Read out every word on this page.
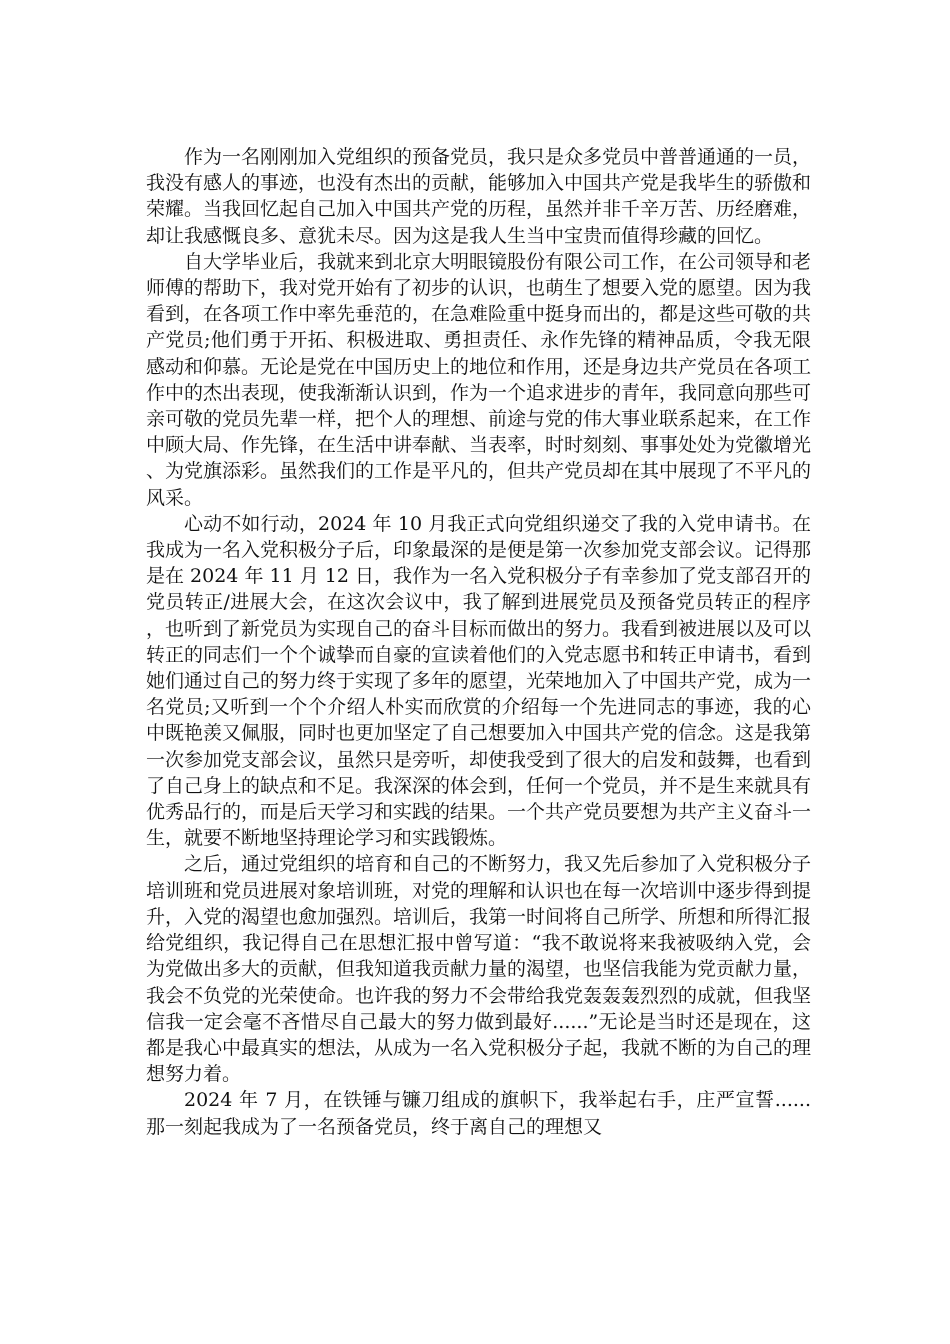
作为一名刚刚加入党组织的预备党员，我只是众多党员中普普通通的一员，我没有感人的事迹，也没有杰出的贡献，能够加入中国共产党是我毕生的骄傲和荣耀。当我回忆起自己加入中国共产党的历程，虽然并非千辛万苦、历经磨难，却让我感慨良多、意犹未尽。因为这是我人生当中宝贵而值得珍藏的回忆。

自大学毕业后，我就来到北京大明眼镜股份有限公司工作，在公司领导和老师傅的帮助下，我对党开始有了初步的认识，也萌生了想要入党的愿望。因为我看到，在各项工作中率先垂范的，在急难险重中挺身而出的，都是这些可敬的共产党员;他们勇于开拓、积极进取、勇担责任、永作先锋的精神品质，令我无限感动和仰慕。无论是党在中国历史上的地位和作用，还是身边共产党员在各项工作中的杰出表现，使我渐渐认识到，作为一个追求进步的青年，我同意向那些可亲可敬的党员先辈一样，把个人的理想、前途与党的伟大事业联系起来，在工作中顾大局、作先锋，在生活中讲奉献、当表率，时时刻刻、事事处处为党徽增光、为党旗添彩。虽然我们的工作是平凡的，但共产党员却在其中展现了不平凡的风采。

心动不如行动，2024 年 10 月我正式向党组织递交了我的入党申请书。在我成为一名入党积极分子后，印象最深的是便是第一次参加党支部会议。记得那是在 2024 年 11 月 12 日，我作为一名入党积极分子有幸参加了党支部召开的党员转正/进展大会，在这次会议中，我了解到进展党员及预备党员转正的程序，也听到了新党员为实现自己的奋斗目标而做出的努力。我看到被进展以及可以转正的同志们一个个诚挚而自豪的宣读着他们的入党志愿书和转正申请书，看到她们通过自己的努力终于实现了多年的愿望，光荣地加入了中国共产党，成为一名党员;又听到一个个介绍人朴实而欣赏的介绍每一个先进同志的事迹，我的心中既艳羡又佩服，同时也更加坚定了自己想要加入中国共产党的信念。这是我第一次参加党支部会议，虽然只是旁听，却使我受到了很大的启发和鼓舞，也看到了自己身上的缺点和不足。我深深的体会到，任何一个党员，并不是生来就具有优秀品行的，而是后天学习和实践的结果。一个共产党员要想为共产主义奋斗一生，就要不断地坚持理论学习和实践锻炼。

之后，通过党组织的培育和自己的不断努力，我又先后参加了入党积极分子培训班和党员进展对象培训班，对党的理解和认识也在每一次培训中逐步得到提升，入党的渴望也愈加强烈。培训后，我第一时间将自己所学、所想和所得汇报给党组织，我记得自己在思想汇报中曾写道：“我不敢说将来我被吸纳入党，会为党做出多大的贡献，但我知道我贡献力量的渴望，也坚信我能为党贡献力量，我会不负党的光荣使命。也许我的努力不会带给我党轰轰轰烈烈的成就，但我坚信我一定会毫不吝惜尽自己最大的努力做到最好......”无论是当时还是现在，这都是我心中最真实的想法，从成为一名入党积极分子起，我就不断的为自己的理想努力着。

2024 年 7 月，在铁锤与镰刀组成的旗帜下，我举起右手，庄严宣誓......那一刻起我成为了一名预备党员，终于离自己的理想又
